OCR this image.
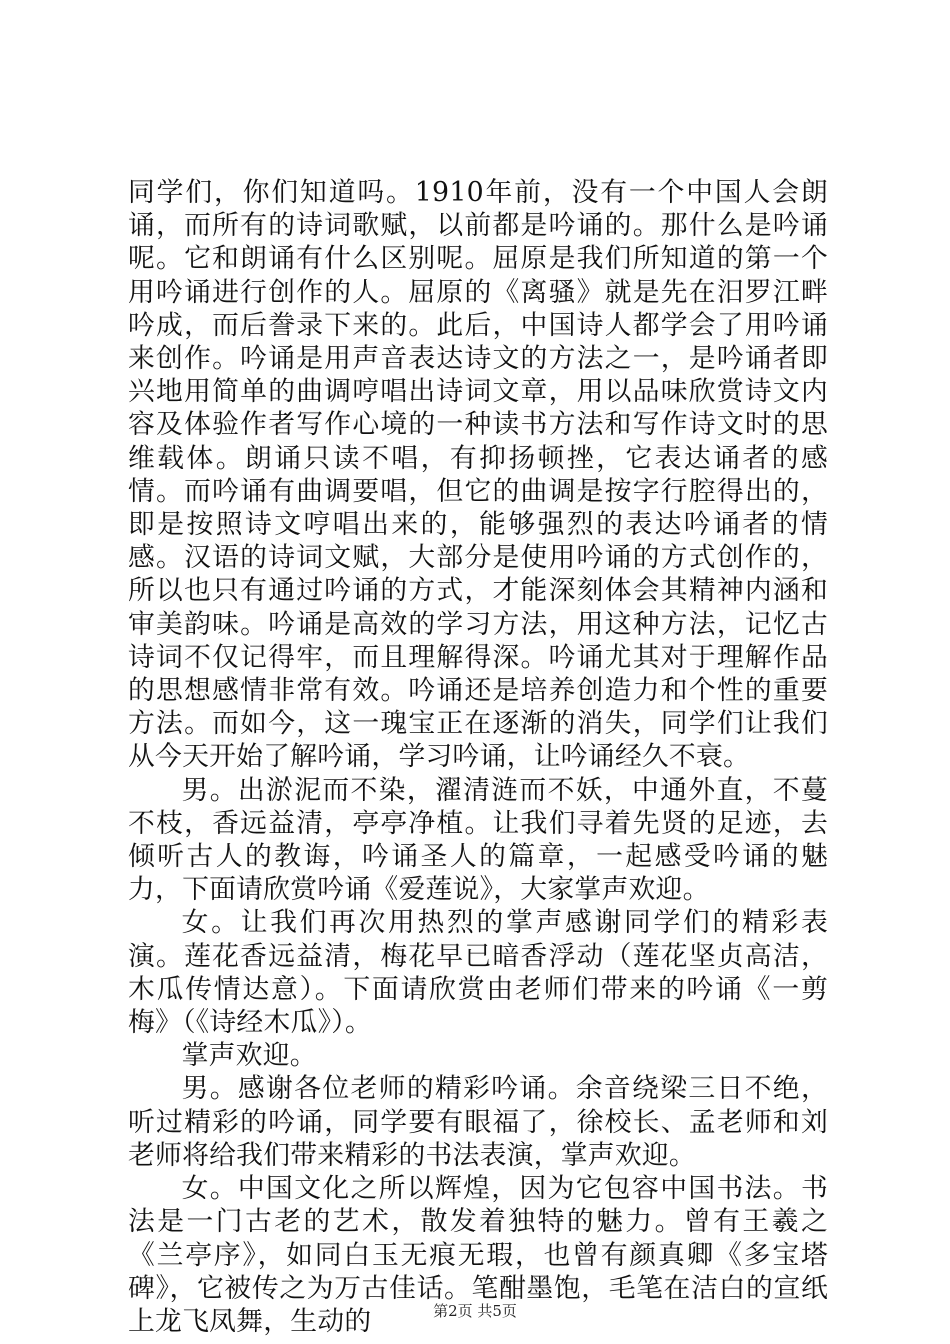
同学们，你们知道吗。1910年前，没有一个中国人会朗诵，而所有的诗词歌赋，以前都是吟诵的。那什么是吟诵呢。它和朗诵有什么区别呢。屈原是我们所知道的第一个用吟诵进行创作的人。屈原的《离骚》就是先在汨罗江畔吟成，而后誊录下来的。此后，中国诗人都学会了用吟诵来创作。吟诵是用声音表达诗文的方法之一，是吟诵者即兴地用简单的曲调哼唱出诗词文章，用以品味欣赏诗文内容及体验作者写作心境的一种读书方法和写作诗文时的思维载体。朗诵只读不唱，有抑扬顿挫，它表达诵者的感情。而吟诵有曲调要唱，但它的曲调是按字行腔得出的，即是按照诗文哼唱出来的，能够强烈的表达吟诵者的情感。汉语的诗词文赋，大部分是使用吟诵的方式创作的，所以也只有通过吟诵的方式，才能深刻体会其精神内涵和审美韵味。吟诵是高效的学习方法，用这种方法，记忆古诗词不仅记得牢，而且理解得深。吟诵尤其对于理解作品的思想感情非常有效。吟诵还是培养创造力和个性的重要方法。而如今，这一瑰宝正在逐渐的消失，同学们让我们从今天开始了解吟诵，学习吟诵，让吟诵经久不衰。

男。出淤泥而不染，濯清涟而不妖，中通外直，不蔓不枝，香远益清，亭亭净植。让我们寻着先贤的足迹，去倾听古人的教诲，吟诵圣人的篇章，一起感受吟诵的魅力，下面请欣赏吟诵《爱莲说》，大家掌声欢迎。

女。让我们再次用热烈的掌声感谢同学们的精彩表演。莲花香远益清，梅花早已暗香浮动（莲花坚贞高洁，木瓜传情达意）。下面请欣赏由老师们带来的吟诵《一剪梅》（《诗经木瓜》）。

掌声欢迎。

男。感谢各位老师的精彩吟诵。余音绕梁三日不绝，听过精彩的吟诵，同学要有眼福了，徐校长、孟老师和刘老师将给我们带来精彩的书法表演，掌声欢迎。

女。中国文化之所以辉煌，因为它包容中国书法。书法是一门古老的艺术，散发着独特的魅力。曾有王羲之《兰亭序》，如同白玉无痕无瑕，也曾有颜真卿《多宝塔碑》，它被传之为万古佳话。笔酣墨饱，毛笔在洁白的宣纸上龙飞凤舞，生动的	第2页 共5页
